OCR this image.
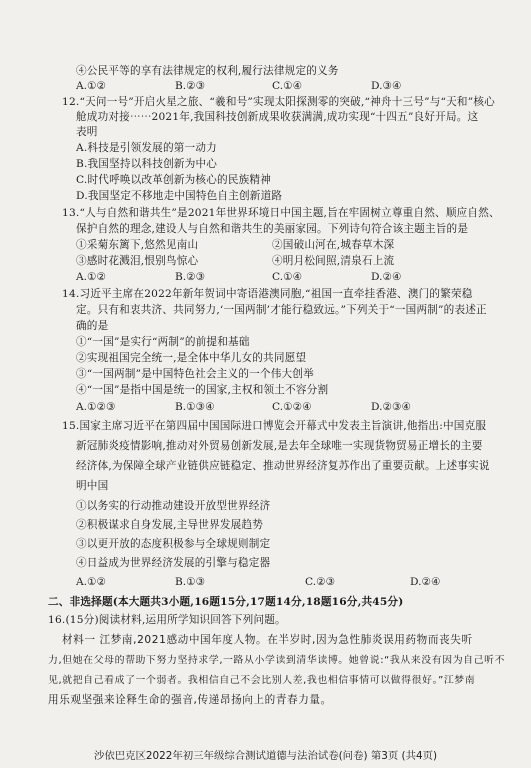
④公民平等的享有法律规定的权利,履行法律规定的义务
A.①②	B.②③	C.①④	D.③④
12.“天问一号”开启火星之旅、“羲和号”实现太阳探测零的突破,“神舟十三号”与“天和”核心
舱成功对接⋯⋯2021年,我国科技创新成果收获满满,成功实现“十四五”良好开局。这
表明
A.科技是引领发展的第一动力
B.我国坚持以科技创新为中心
C.时代呼唤以改革创新为核心的民族精神
D.我国坚定不移地走中国特色自主创新道路
13.“人与自然和谐共生”是2021年世界环境日中国主题,旨在牢固树立尊重自然、顺应自然、
保护自然的理念,建设人与自然和谐共生的美丽家园。下列诗句符合该主题主旨的是
①采菊东篱下,悠然见南山	②国破山河在,城春草木深
③感时花溅泪,恨别鸟惊心	④明月松间照,清泉石上流
A.①②	B.②③	C.①④	D.②④
14.习近平主席在2022年新年贺词中寄语港澳同胞,“祖国一直牵挂香港、澳门的繁荣稳
定。只有和衷共济、共同努力,‘一国两制’才能行稳致远。”下列关于“一国两制”的表述正
确的是
①“一国”是实行“两制”的前提和基础
②实现祖国完全统一,是全体中华儿女的共同愿望
③“一国两制”是中国特色社会主义的一个伟大创举
④“一国”是指中国是统一的国家,主权和领土不容分割
A.①②③	B.①③④	C.①②④	D.②③④
15.国家主席习近平在第四届中国国际进口博览会开幕式中发表主旨演讲,他指出:中国克服
新冠肺炎疫情影响,推动对外贸易创新发展,是去年全球唯一实现货物贸易正增长的主要
经济体,为保障全球产业链供应链稳定、推动世界经济复苏作出了重要贡献。上述事实说
明中国
①以务实的行动推动建设开放型世界经济
②积极谋求自身发展,主导世界发展趋势
③以更开放的态度积极参与全球规则制定
④日益成为世界经济发展的引擎与稳定器
A.①②	B.①③	C.②③	D.②④
二、非选择题(本大题共3小题,16题15分,17题14分,18题16分,共45分)
16.(15分)阅读材料,运用所学知识回答下列问题。
材料一 江梦南,2021感动中国年度人物。在半岁时,因为急性肺炎误用药物而丧失听
力,但她在父母的帮助下努力坚持求学,一路从小学读到清华读博。她曾说:“我从来没有因为自己听不
见,就把自己看成了一个弱者。我相信自己不会比别人差,我也相信事情可以做得很好。”江梦南
用乐观坚强来诠释生命的强音,传递昂扬向上的青春力量。
沙依巴克区2022年初三年级综合测试道德与法治试卷(问卷) 第3页 (共4页)
